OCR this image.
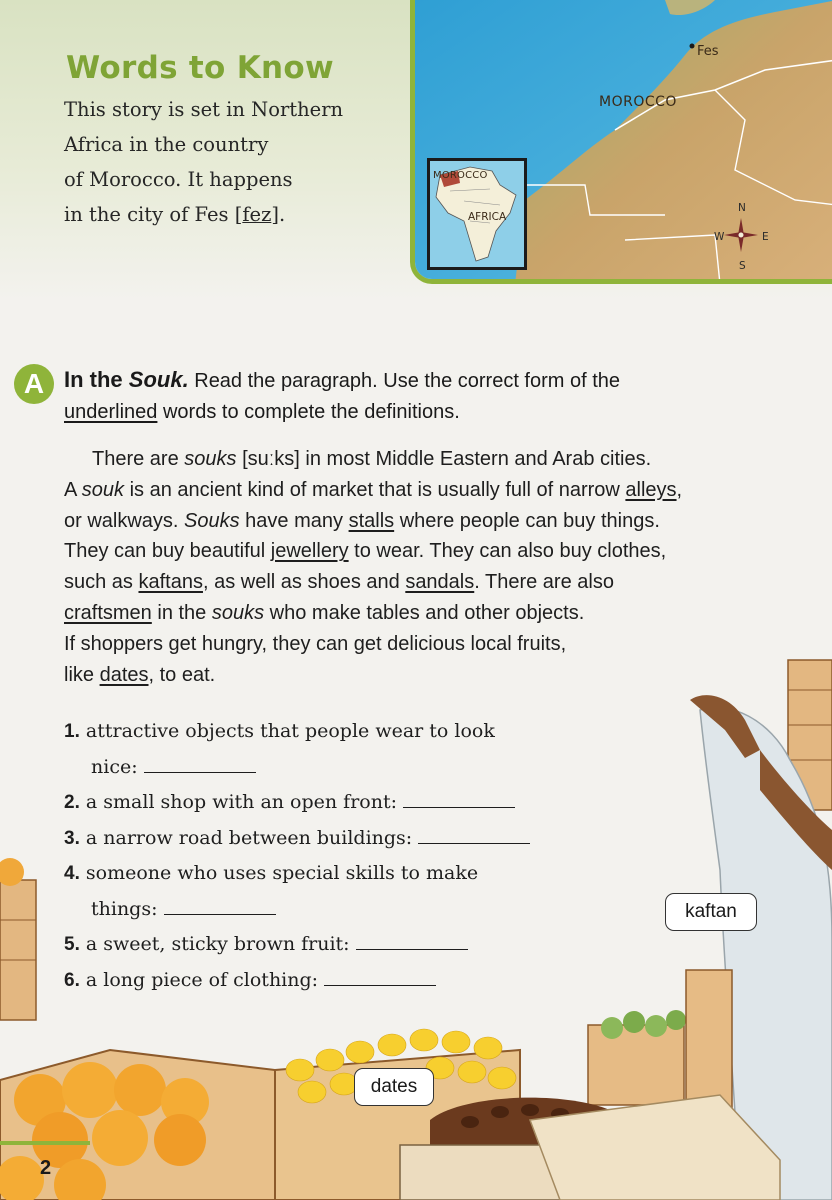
Words to Know

This story is set in Northern
Africa in the country
of Morocco. It happens
in the city of Fes [fez].

Fes
MOROCCO
MOROCCO
AFRICA
N
S
W	E
A In the Souk. Read the paragraph. Use the correct form of the
underlined words to complete the definitions.

There are souks [suːks] in most Middle Eastern and Arab cities.
A souk is an ancient kind of market that is usually full of narrow alleys,
or walkways. Souks have many stalls where people can buy things.
They can buy beautiful jewellery to wear. They can also buy clothes,
such as kaftans, as well as shoes and sandals. There are also
craftsmen in the souks who make tables and other objects.
If shoppers get hungry, they can get delicious local fruits,
like dates, to eat.

1. attractive objects that people wear to look
nice:
2. a small shop with an open front:
3. a narrow road between buildings:
4. someone who uses special skills to make
things:
5. a sweet, sticky brown fruit:
6. a long piece of clothing:
kaftan
dates
2
